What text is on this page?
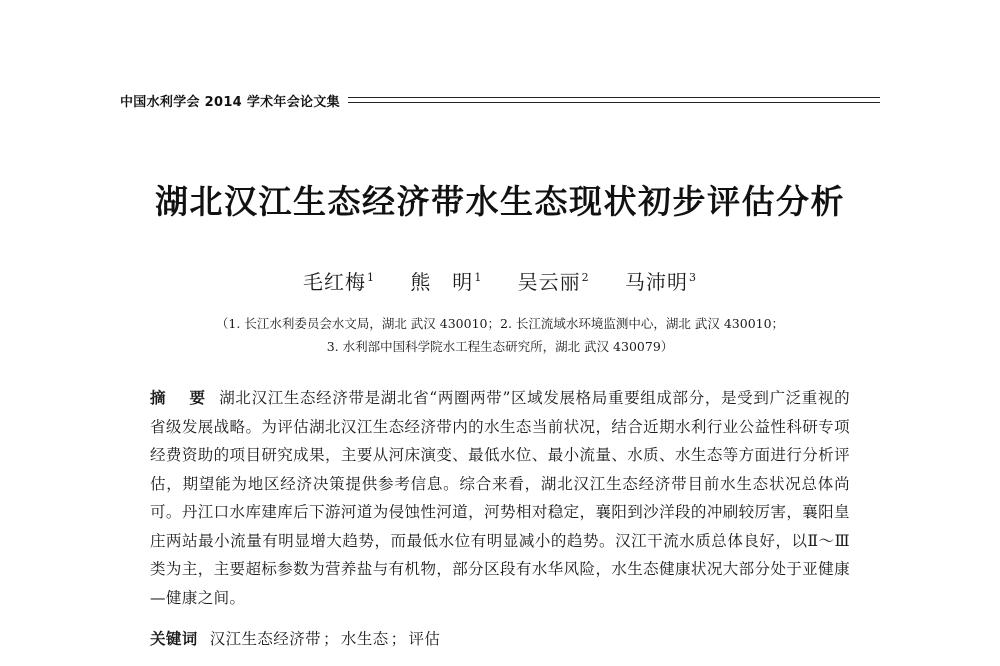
中国水利学会 2014 学术年会论文集
湖北汉江生态经济带水生态现状初步评估分析
毛红梅$^1$ 熊　明$^1$ 吴云丽$^2$ 马沛明$^3$
（1. 长江水利委员会水文局，湖北 武汉 430010；2. 长江流域水环境监测中心，湖北 武汉 430010；
3. 水利部中国科学院水工程生态研究所，湖北 武汉 430079）
摘　要 湖北汉江生态经济带是湖北省“两圈两带”区域发展格局重要组成部分，是受到广泛重视的省级发展战略。为评估湖北汉江生态经济带内的水生态当前状况，结合近期水利行业公益性科研专项经费资助的项目研究成果，主要从河床演变、最低水位、最小流量、水质、水生态等方面进行分析评估，期望能为地区经济决策提供参考信息。综合来看，湖北汉江生态经济带目前水生态状况总体尚可。丹江口水库建库后下游河道为侵蚀性河道，河势相对稳定，襄阳到沙洋段的冲刷较厉害，襄阳皇庄两站最小流量有明显增大趋势，而最低水位有明显减小的趋势。汉江干流水质总体良好，以Ⅱ～Ⅲ类为主，主要超标参数为营养盐与有机物，部分区段有水华风险，水生态健康状况大部分处于亚健康—健康之间。
关键词 汉江生态经济带 ； 水生态 ； 评估
